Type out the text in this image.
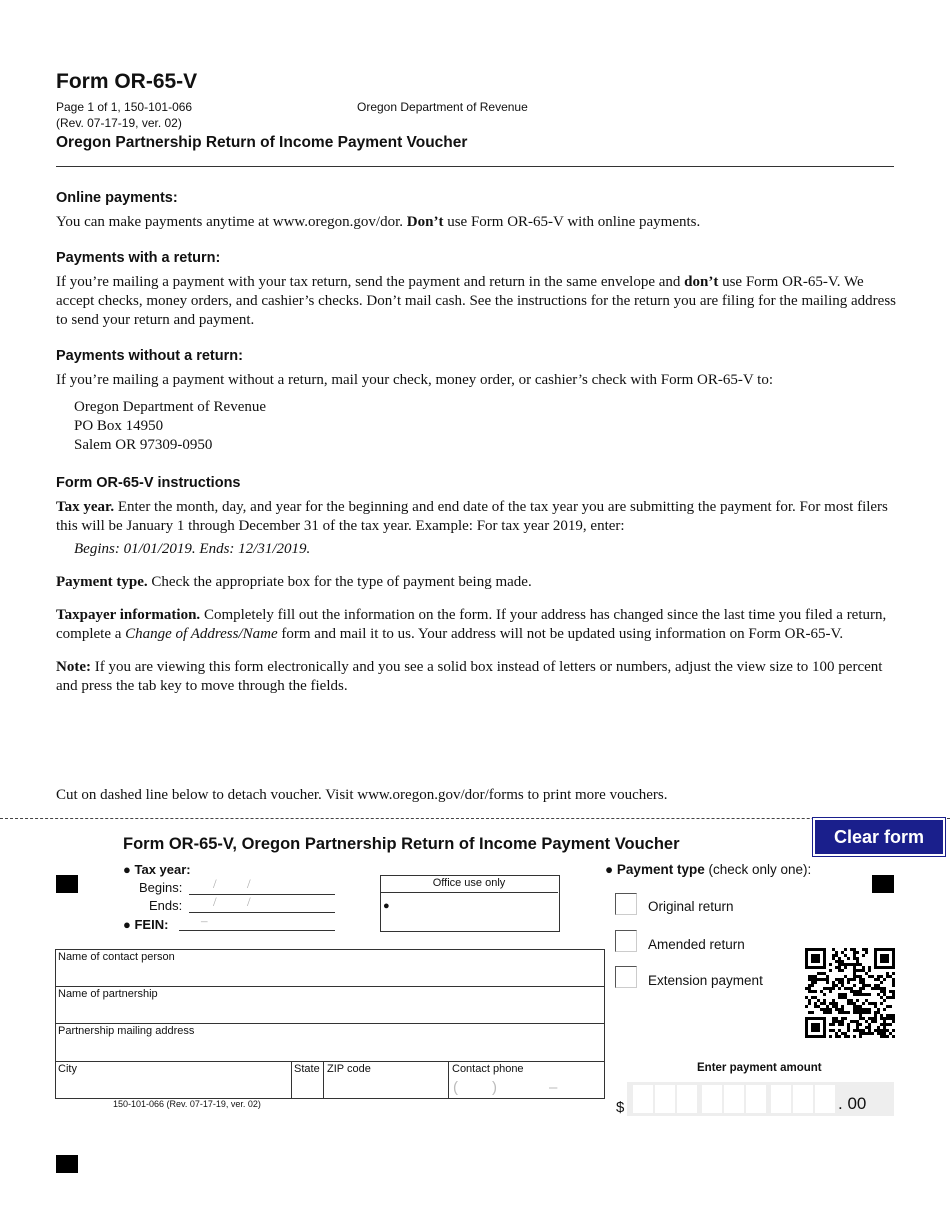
Form OR-65-V
Page 1 of 1, 150-101-066
(Rev. 07-17-19, ver. 02)
Oregon Department of Revenue
Oregon Partnership Return of Income Payment Voucher
Online payments:

You can make payments anytime at www.oregon.gov/dor. Don’t use Form OR-65-V with online payments.

Payments with a return:

If you’re mailing a payment with your tax return, send the payment and return in the same envelope and don’t use Form OR-65-V. We accept checks, money orders, and cashier’s checks. Don’t mail cash. See the instructions for the return you are filing for the mailing address to send your return and payment.

Payments without a return:

If you’re mailing a payment without a return, mail your check, money order, or cashier’s check with Form OR-65-V to:

Oregon Department of Revenue
PO Box 14950
Salem OR 97309-0950
Form OR-65-V instructions

Tax year. Enter the month, day, and year for the beginning and end date of the tax year you are submitting the payment for. For most filers this will be January 1 through December 31 of the tax year. Example: For tax year 2019, enter:

Begins: 01/01/2019. Ends: 12/31/2019.

Payment type. Check the appropriate box for the type of payment being made.

Taxpayer information. Completely fill out the information on the form. If your address has changed since the last time you filed a return, complete a Change of Address/Name form and mail it to us. Your address will not be updated using information on Form OR-65-V.

Note: If you are viewing this form electronically and you see a solid box instead of letters or numbers, adjust the view size to 100 percent and press the tab key to move through the fields.

Cut on dashed line below to detach voucher. Visit www.oregon.gov/dor/forms to print more vouchers.
Clear form
Form OR-65-V, Oregon Partnership Return of Income Payment Voucher
● Tax year:
Begins: / /
Ends: / /
● FEIN:	–
Office use only
●
Name of contact person
Name of partnership
Partnership mailing address
City	State ZIP code	Contact phone
( )	–
● Payment type (check only one):
Original return
Amended return
Extension payment
Enter payment amount
$	. 00
150-101-066 (Rev. 07-17-19, ver. 02)
